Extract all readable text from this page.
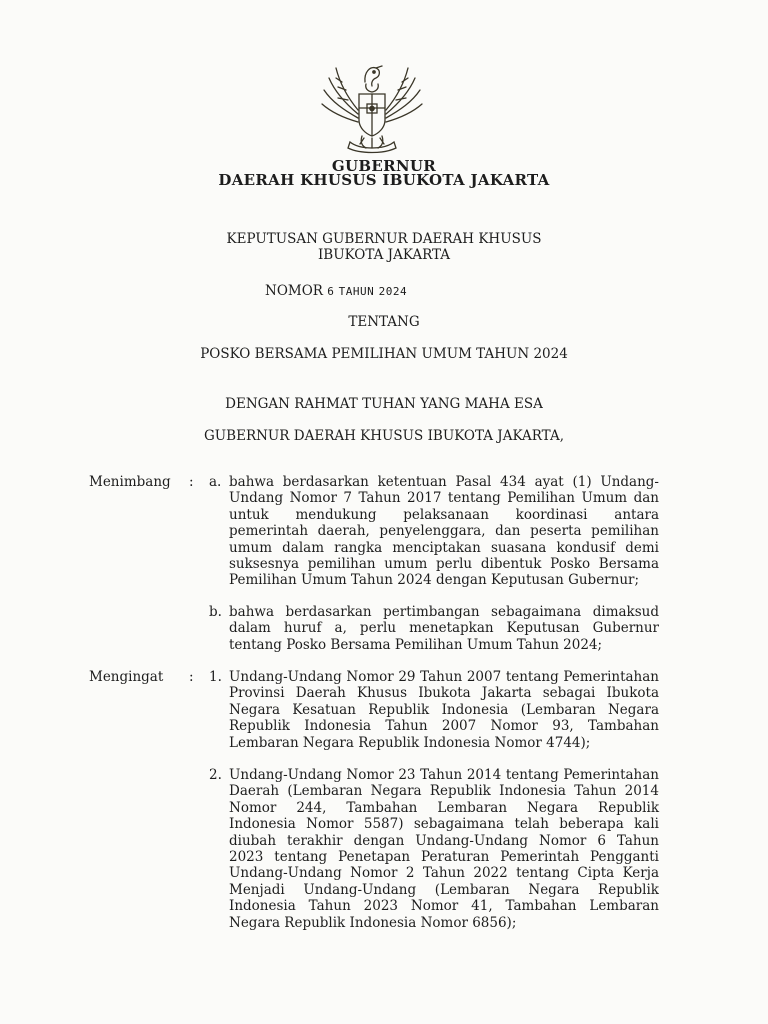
GUBERNUR
DAERAH KHUSUS IBUKOTA JAKARTA
KEPUTUSAN GUBERNUR DAERAH KHUSUS
IBUKOTA JAKARTA
NOMOR 6 TAHUN 2024
TENTANG
POSKO BERSAMA PEMILIHAN UMUM TAHUN 2024
DENGAN RAHMAT TUHAN YANG MAHA ESA
GUBERNUR DAERAH KHUSUS IBUKOTA JAKARTA,
Menimbang	: a. bahwa berdasarkan ketentuan Pasal 434 ayat (1) Undang-
Undang Nomor 7 Tahun 2017 tentang Pemilihan Umum dan
untuk mendukung pelaksanaan koordinasi antara
pemerintah daerah, penyelenggara, dan peserta pemilihan
umum dalam rangka menciptakan suasana kondusif demi
suksesnya pemilihan umum perlu dibentuk Posko Bersama
Pemilihan Umum Tahun 2024 dengan Keputusan Gubernur;
b. bahwa berdasarkan pertimbangan sebagaimana dimaksud
dalam huruf a, perlu menetapkan Keputusan Gubernur
tentang Posko Bersama Pemilihan Umum Tahun 2024;
Mengingat	: 1. Undang-Undang Nomor 29 Tahun 2007 tentang Pemerintahan
Provinsi Daerah Khusus Ibukota Jakarta sebagai Ibukota
Negara Kesatuan Republik Indonesia (Lembaran Negara
Republik Indonesia Tahun 2007 Nomor 93, Tambahan
Lembaran Negara Republik Indonesia Nomor 4744);
2. Undang-Undang Nomor 23 Tahun 2014 tentang Pemerintahan
Daerah (Lembaran Negara Republik Indonesia Tahun 2014
Nomor 244, Tambahan Lembaran Negara Republik
Indonesia Nomor 5587) sebagaimana telah beberapa kali
diubah terakhir dengan Undang-Undang Nomor 6 Tahun
2023 tentang Penetapan Peraturan Pemerintah Pengganti
Undang-Undang Nomor 2 Tahun 2022 tentang Cipta Kerja
Menjadi Undang-Undang (Lembaran Negara Republik
Indonesia Tahun 2023 Nomor 41, Tambahan Lembaran
Negara Republik Indonesia Nomor 6856);
